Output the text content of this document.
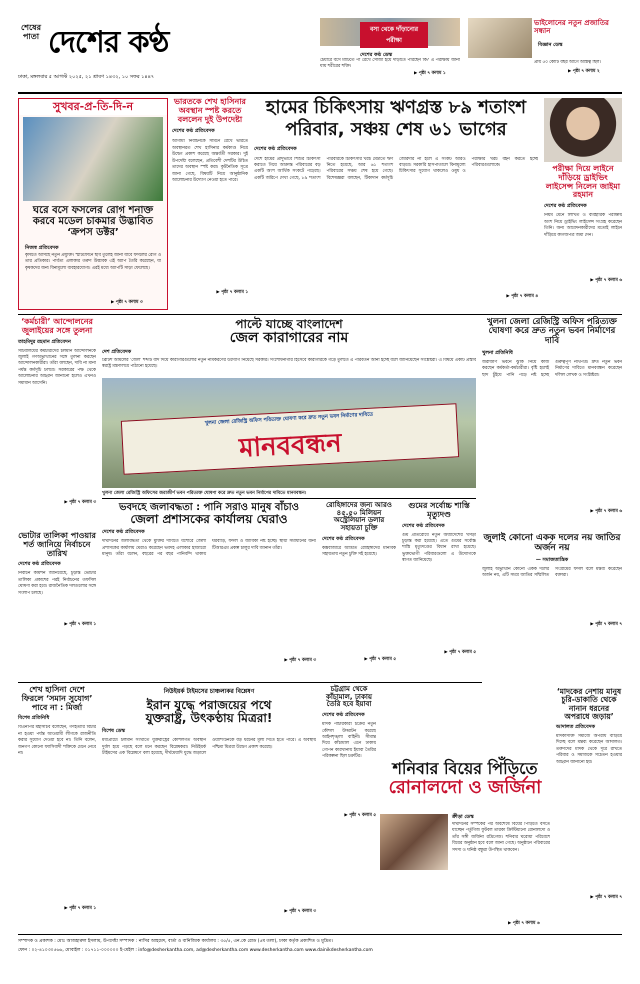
শেষের
পাতা দেশের কণ্ঠ
ঢাকা, মঙ্গলবার ৫ আগস্ট ২০২৫, ২১ শ্রাবণ ১৪৩২, ১০ সফর ১৪৪৭
বসা থেকে দাঁড়ানোর পরীক্ষা
দেশের কণ্ঠ ডেস্ক
চেয়ারে বসে মাটিতে পা রেখে সোজা হয়ে দাঁড়াতে পারছেন কি? এ পরীক্ষায় জানা যায় শরীরের শক্তি।
▶ পৃষ্ঠা ৭ কলাম ১
ভাইলোনের নতুন প্রজাতির সন্ধান
বিজ্ঞান ডেস্ক
প্রায় ৫০ কোটি বছর আগে অস্তিত্ব ছিল।
▶ পৃষ্ঠা ৭ কলাম ২
সুখবর-প্র-তি-দি-ন
ঘরে বসে ফসলের রোগ শনাক্ত করবে মডেল চাকমার উদ্ভাবিত ‘ক্রপস ডক্টর’
নিজস্ব প্রতিবেদক
কৃষিতে আসছে নতুন প্রযুক্তি। স্মার্টফোনে ছবি তুলেই জানা যাবে ফসলের রোগ ও তার প্রতিকার। পার্বত্য এলাকার তরুণ উদ্ভাবক এই অ্যাপ তৈরি করেছেন, যা কৃষকদের জন্য বিনামূল্যে ব্যবহারযোগ্য। এরই মধ্যে অ্যাপটি সাড়া ফেলেছে।
▶ পৃষ্ঠা ৭ কলাম ৩
ভারতকে শেখ হাসিনার অবস্থান স্পষ্ট করতে বললেন দুই উপদেষ্টা
দেশের কণ্ঠ প্রতিবেদক
আগামী নির্বাচনকে সামনে রেখে ভারতে অবস্থানরত শেখ হাসিনার কর্মকাণ্ড নিয়ে উদ্বেগ প্রকাশ করেছে অন্তর্বর্তী সরকার। দুই উপদেষ্টা বলেছেন, প্রতিবেশী দেশটির উচিত তাদের অবস্থান স্পষ্ট করা। কূটনৈতিক সূত্রে জানা গেছে, বিষয়টি নিয়ে আনুষ্ঠানিক আলোচনার উদ্যোগ নেওয়া হতে পারে।
▶ পৃষ্ঠা ৭ কলাম ১
হামের চিকিৎসায় ঋণগ্রস্ত ৮৯ শতাংশ
পরিবার, সঞ্চয় শেষ ৬১ ভাগের
দেশের কণ্ঠ প্রতিবেদক
দেশে হামের প্রাদুর্ভাবে শিশুর চিকিৎসা করাতে গিয়ে আক্রান্ত পরিবারের বড় একটি অংশ আর্থিক সংকটে পড়েছে। একটি জরিপে দেখা গেছে, ৮৯ শতাংশ পরিবারকে চিকিৎসার খরচ মেটাতে ঋণ নিতে হয়েছে, আর ৬১ শতাংশ পরিবারের সঞ্চয় শেষ হয়ে গেছে। বিশেষজ্ঞরা বলছেন, টিকাদান কর্মসূচি জোরদার না হলে এ সংকট আরও বাড়বে। সরকারি হাসপাতালে বিনামূল্যে চিকিৎসার সুযোগ থাকলেও ওষুধ ও পরীক্ষার খরচ বহন করতে হচ্ছে পরিবারগুলোকে।
▶ পৃষ্ঠা ৭ কলাম ৪
পরীক্ষা দিয়ে লাইনে দাঁড়িয়ে ড্রাইভিং লাইসেন্স নিলেন জাইমা রহমান
দেশের কণ্ঠ প্রতিবেদক
নিয়ম মেনে লিখিত ও ব্যবহারিক পরীক্ষায় অংশ নিয়ে ড্রাইভিং লাইসেন্স সংগ্রহ করেছেন তিনি। অন্য আবেদনকারীদের মতোই লাইনে দাঁড়িয়ে কাগজপত্র জমা দেন।
▶ পৃষ্ঠা ৭ কলাম ৬
‘কর্মচারী’ আন্দোলনের জুলাইয়ের সঙ্গে তুলনা
তাহমিদুর রহমান প্রতিবেদন
সচিবালয়ের কর্মচারীদের চলমান আন্দোলনকে জুলাই গণঅভ্যুত্থানের সঙ্গে তুলনা করছেন আন্দোলনকারীরা। তাঁরা বলছেন, দাবি না মানা পর্যন্ত কর্মসূচি চলবে। সরকারের পক্ষ থেকে আলোচনার আহ্বান জানানো হলেও এখনও সমাধান আসেনি।
▶ পৃষ্ঠা ৭ কলাম ৩
পাল্টে যাচ্ছে বাংলাদেশ
জেল কারাগারের নাম
দেশ প্রতিবেদক
ব্রিটিশ আমলের ‘জেল’ শব্দটি বাদ দিয়ে কারাগারগুলোর নতুন নামকরণের উদ্যোগ নিয়েছে সরকার। সংশোধনাগার হিসেবে কারাগারকে গড়ে তুলতে এ পরিবর্তন আনা হচ্ছে বলে জানিয়েছেন সংশ্লিষ্টরা। এ বিষয়ে একটি প্রস্তাব স্বরাষ্ট্র মন্ত্রণালয়ে পাঠানো হয়েছে।
খুলনা জেলা রেজিস্ট্রি অফিস পরিত্যক্ত ঘোষণা করে দ্রুত নতুন ভবন নির্মাণের দাবি
খুলনা প্রতিনিধি
জরাজীর্ণ ভবনে ঝুঁকি নিয়ে কাজ করছেন কর্মকর্তা-কর্মচারীরা। বৃষ্টি হলেই ছাদ চুঁইয়ে পানি পড়ে নষ্ট হচ্ছে গুরুত্বপূর্ণ নথিপত্র। দ্রুত নতুন ভবন নির্মাণের দাবিতে মানববন্ধন করেছেন দলিল লেখক ও সংশ্লিষ্টরা।
▶ পৃষ্ঠা ৭ কলাম ৬
খুলনা জেলা রেজিস্ট্রি অফিস পরিত্যক্ত ঘোষণা করে দ্রুত নতুন ভবন নির্মাণের দাবিতে
মানববন্ধন
খুলনা জেলা রেজিস্ট্রি অফিসের জরাজীর্ণ ভবন পরিত্যক্ত ঘোষণা করে দ্রুত নতুন ভবন নির্মাণের দাবিতে মানববন্ধন।
ভোটার তালিকা পাওয়ার শর্ত জানিয়ে নির্বাচনে তারিখ
দেশের কণ্ঠ প্রতিবেদক
নির্বাচন কমিশন জানিয়েছে, চূড়ান্ত ভোটার তালিকা প্রকাশের পরই নির্বাচনের তফসিল ঘোষণা করা হবে। রাজনৈতিক দলগুলোর সঙ্গে সংলাপ চলছে।
▶ পৃষ্ঠা ৭ কলাম ১
ভবদহে জলাবদ্ধতা : পানি সরাও মানুষ বাঁচাও
জেলা প্রশাসকের কার্যালয় ঘেরাও
দেশের কণ্ঠ প্রতিবেদক
দীর্ঘদিনের জলাবদ্ধতা থেকে মুক্তির দাবিতে যশোরে জেলা প্রশাসকের কার্যালয় ঘেরাও করেছেন ভবদহ এলাকার হাজারো মানুষ। তাঁরা বলেন, বছরের পর বছর পানিবন্দি থাকায় ঘরবাড়ি, ফসল ও জীবিকা নষ্ট হচ্ছে। স্থায়ী সমাধানের জন্য টিআরএম প্রকল্প চালুর দাবি জানান তাঁরা।
▶ পৃষ্ঠা ৭ কলাম ৩
রোহিঙ্গাদের জন্য আরও ৪৫.৫০ মিলিয়ন অস্ট্রেলিয়ান ডলার সহায়তা চুক্তি
দেশের কণ্ঠ প্রতিবেদক
কক্সবাজারে আশ্রিত রোহিঙ্গাদের মানবিক সহায়তায় নতুন চুক্তি সই হয়েছে।
▶ পৃষ্ঠা ৭ কলাম ৫
গুমের সর্বোচ্চ শাস্তি মৃত্যুদণ্ড
দেশের কণ্ঠ প্রতিবেদক
গুম প্রতিরোধে নতুন অধ্যাদেশের খসড়া চূড়ান্ত করা হয়েছে। এতে গুমের সর্বোচ্চ শাস্তি মৃত্যুদণ্ডের বিধান রাখা হয়েছে। ভুক্তভোগী পরিবারগুলো এ উদ্যোগকে স্বাগত জানিয়েছে।
▶ পৃষ্ঠা ৭ কলাম ৫
জুলাই কোনো একক দলের নয় জাতির অর্জন নয়
— সমাজতান্ত্রিক
জুলাই অভ্যুত্থান কোনো একক দলের অর্জন নয়, এটি সমগ্র জাতির সম্মিলিত সংগ্রামের ফসল বলে মন্তব্য করেছেন বক্তারা।
▶ পৃষ্ঠা ৭ কলাম ৭
শেখ হাসিনা দেশে ফিরলে ‘সমান সুযোগ’ পাবে না : মির্জা
বিশেষ প্রতিনিধি
বিএনপির মহাসচিব বলেছেন, গণহত্যার বিচার না হওয়া পর্যন্ত আওয়ামী লীগকে রাজনীতি করার সুযোগ দেওয়া হবে না। তিনি বলেন, জনগণ কোনো ফ্যাসিবাদী শক্তিকে মেনে নেবে না।
▶ পৃষ্ঠা ৭ কলাম ১
নিউইয়র্ক টাইমসের চাঞ্চল্যকর বিশ্লেষণ
ইরান যুদ্ধে পরাজয়ের পথে
যুক্তরাষ্ট্র, উৎকণ্ঠায় মিত্ররা!
বিশেষ ডেস্ক
মধ্যপ্রাচ্যে চলমান সংঘাতে যুক্তরাষ্ট্রের কৌশলগত অবস্থান দুর্বল হয়ে পড়ছে বলে মনে করছেন বিশ্লেষকরা। নিউইয়র্ক টাইমসের এক বিশ্লেষণে বলা হয়েছে, দীর্ঘমেয়াদি যুদ্ধে জড়ালে ওয়াশিংটনকে বড় ধরনের মূল্য দিতে হতে পারে। এ অবস্থায় পশ্চিমা মিত্ররা উদ্বেগ প্রকাশ করেছে।
▶ পৃষ্ঠা ৭ কলাম ৩
চট্টগ্রাম থেকে কাঁচামাল, ঢাকায় তৈরি হবে ইয়াবা
দেশের কণ্ঠ প্রতিবেদক
মাদক পাচারকারী চক্রের নতুন কৌশল উদ্ঘাটন করেছে আইনশৃঙ্খলা বাহিনী। সীমান্ত দিয়ে কাঁচামাল এনে ঢাকায় গোপন কারখানায় ইয়াবা তৈরির পরিকল্পনা ছিল চক্রটির।
▶ পৃষ্ঠা ৭ কলাম ৫
শনিবার বিয়ের পিঁড়িতে
রোনালদো ও জর্জিনা
ক্রীড়া ডেস্ক
দীর্ঘদিনের সম্পর্কের পর অবশেষে বিয়ের পিঁড়িতে বসতে যাচ্ছেন পর্তুগিজ ফুটবল তারকা ক্রিস্টিয়ানো রোনালদো ও তাঁর সঙ্গী জর্জিনা রদ্রিগেজ। শনিবার ঘরোয়া পরিবেশে বিয়ের অনুষ্ঠান হবে বলে জানা গেছে। অনুষ্ঠানে পরিবারের সদস্য ও ঘনিষ্ঠ বন্ধুরা উপস্থিত থাকবেন।
▶ পৃষ্ঠা ৭ কলাম ৬
‘মাদকের নেশায় মানুষ চুরি-ডাকাতি থেকে নানান ধরনের অপরাধে জড়ায়’
আদালত প্রতিবেদক
মাদকাসক্তি সমাজে অপরাধ বাড়িয়ে দিচ্ছে বলে মন্তব্য করেছেন আদালত। তরুণদের মাদক থেকে দূরে রাখতে পরিবার ও সমাজকে সচেতন হওয়ার আহ্বান জানানো হয়।
▶ পৃষ্ঠা ৭ কলাম ৭
সম্পাদক ও প্রকাশক : মোঃ আজহারুল ইসলাম, উপদেষ্টা সম্পাদক : নাসির আহমেদ, বার্তা ও বানিজ্যিক কার্যালয় : ৩৫/৫, এন.কে রোড (৫ম তলা), ঢাকা কর্তৃক প্রকাশিত ও মুদ্রিত।
ফোন : ০২-৪১০৩০৫৬৬, মোবাইল : ০১৭১১-০০০০০০ ই-মেইল : info@desherkantha.com, ad@desherkantha.com www.desherkantha.com www.dainikdesherkantha.com
